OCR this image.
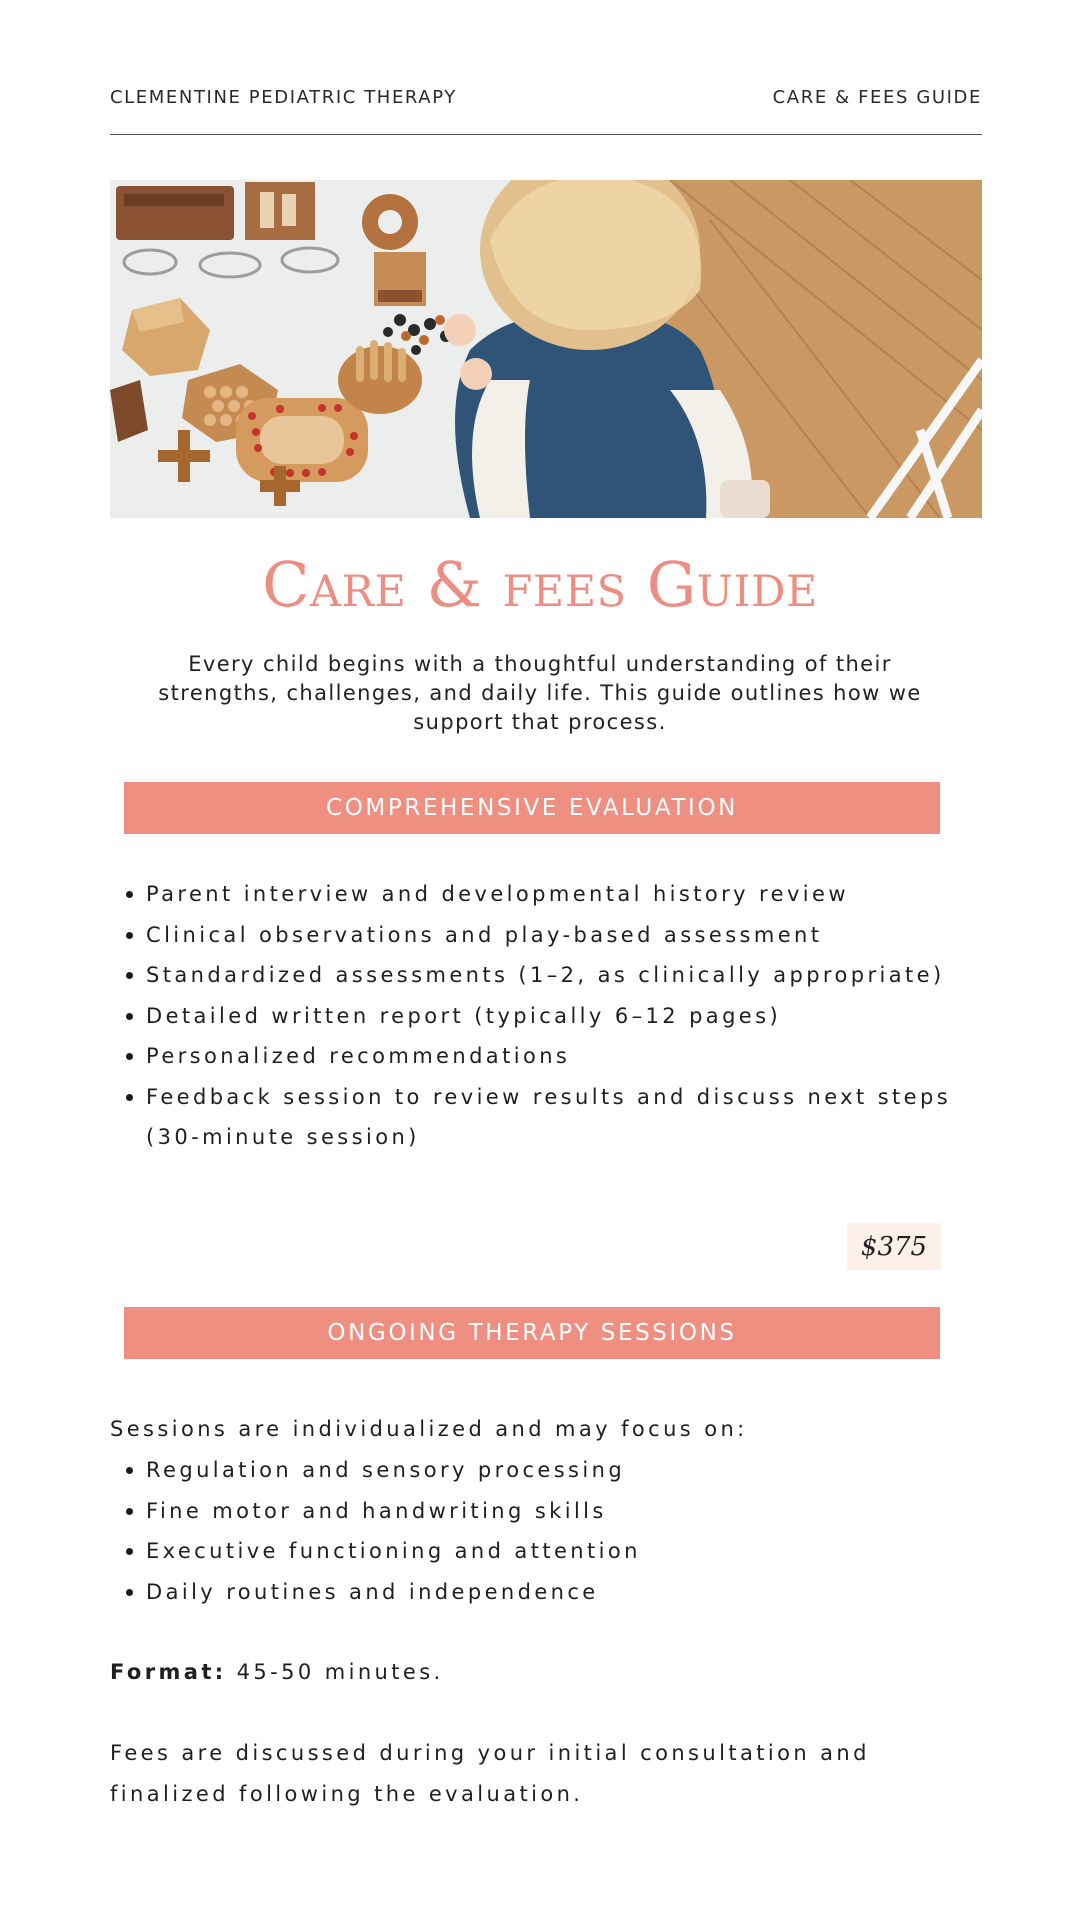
CLEMENTINE PEDIATRIC THERAPY	CARE & FEES GUIDE
Care & fees Guide
Every child begins with a thoughtful understanding of their strengths, challenges, and daily life. This guide outlines how we support that process.
COMPREHENSIVE EVALUATION
Parent interview and developmental history review
Clinical observations and play-based assessment
Standardized assessments (1–2, as clinically appropriate)
Detailed written report (typically 6–12 pages)
Personalized recommendations
Feedback session to review results and discuss next steps (30-minute session)
$375
ONGOING THERAPY SESSIONS
Sessions are individualized and may focus on:
Regulation and sensory processing
Fine motor and handwriting skills
Executive functioning and attention
Daily routines and independence
Format: 45-50 minutes.
Fees are discussed during your initial consultation and finalized following the evaluation.
